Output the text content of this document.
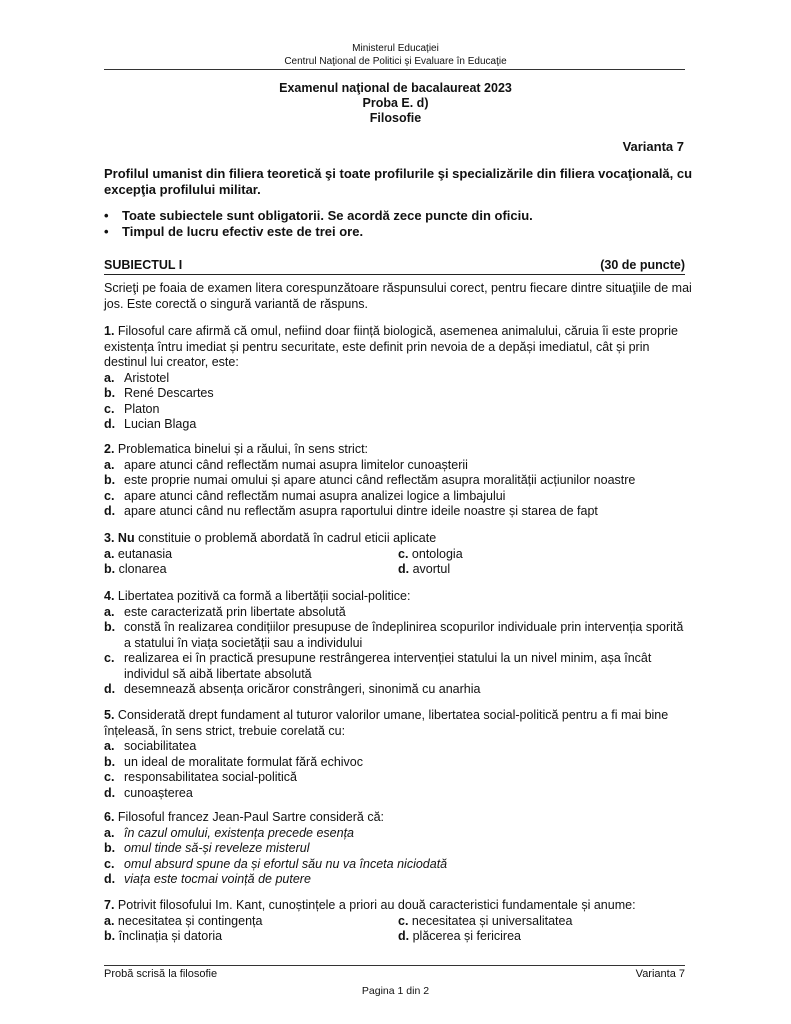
Ministerul Educației
Centrul Naţional de Politici şi Evaluare în Educaţie
Examenul naţional de bacalaureat 2023
Proba E. d)
Filosofie
Varianta 7
Profilul umanist din filiera teoretică şi toate profilurile şi specializările din filiera vocaţională, cu excepţia profilului militar.
•	Toate subiectele sunt obligatorii. Se acordă zece puncte din oficiu.
•	Timpul de lucru efectiv este de trei ore.
SUBIECTUL I	(30 de puncte)
Scrieţi pe foaia de examen litera corespunzătoare răspunsului corect, pentru fiecare dintre situaţiile de mai jos. Este corectă o singură variantă de răspuns.
1. Filosoful care afirmă că omul, nefiind doar ființă biologică, asemenea animalului, căruia îi este proprie existența întru imediat și pentru securitate, este definit prin nevoia de a depăși imediatul, cât și prin destinul lui creator, este:
a. Aristotel
b. René Descartes
c. Platon
d. Lucian Blaga
2. Problematica binelui și a răului, în sens strict:
a. apare atunci când reflectăm numai asupra limitelor cunoașterii
b. este proprie numai omului și apare atunci când reflectăm asupra moralității acțiunilor noastre
c. apare atunci când reflectăm numai asupra analizei logice a limbajului
d. apare atunci când nu reflectăm asupra raportului dintre ideile noastre și starea de fapt
3. Nu constituie o problemă abordată în cadrul eticii aplicate
a. eutanasia	c. ontologia
b. clonarea	d. avortul
4. Libertatea pozitivă ca formă a libertății social-politice:
a. este caracterizată prin libertate absolută
b. constă în realizarea condițiilor presupuse de îndeplinirea scopurilor individuale prin intervenția sporită a statului în viața societății sau a individului
c. realizarea ei în practică presupune restrângerea intervenției statului la un nivel minim, așa încât individul să aibă libertate absolută
d. desemnează absența oricăror constrângeri, sinonimă cu anarhia
5. Considerată drept fundament al tuturor valorilor umane, libertatea social-politică pentru a fi mai bine înțeleasă, în sens strict, trebuie corelată cu:
a. sociabilitatea
b. un ideal de moralitate formulat fără echivoc
c. responsabilitatea social-politică
d. cunoașterea
6. Filosoful francez Jean-Paul Sartre consideră că:
a. în cazul omului, existența precede esența
b. omul tinde să-și reveleze misterul
c. omul absurd spune da și efortul său nu va înceta niciodată
d. viața este tocmai voință de putere
7. Potrivit filosofului Im. Kant, cunoștințele a priori au două caracteristici fundamentale și anume:
a. necesitatea și contingența	c. necesitatea și universalitatea
b. înclinația și datoria	d. plăcerea și fericirea
Probă scrisă la filosofie	Varianta 7
Pagina 1 din 2
